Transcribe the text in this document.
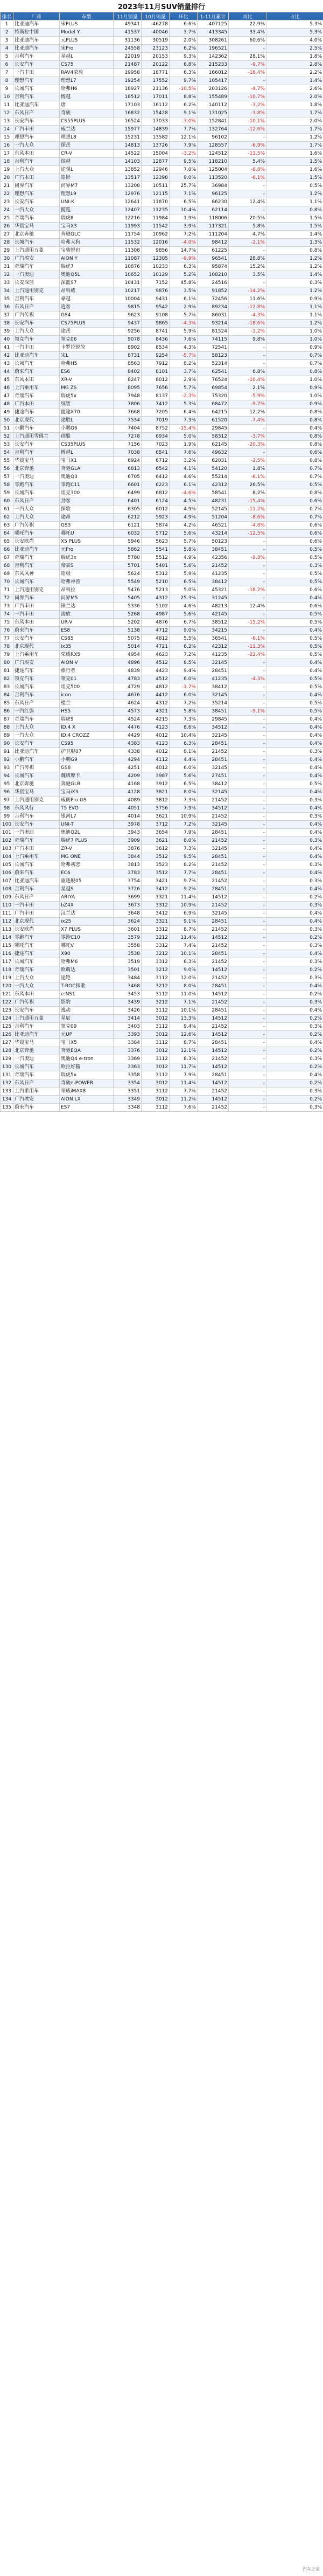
2023年11月SUV销量排行
排名	厂商	车型	11月销量	10月销量	环比	1-11月累计	同比	占比
1	比亚迪汽车	宋PLUS	49341	46278	6.6%	407125	22.9%	5.3%
2	特斯拉中国	Model Y	41537	40046	3.7%	413345	33.4%	5.3%
3	比亚迪汽车	元PLUS	31136	30519	2.0%	308261	60.6%	4.0%
4	比亚迪汽车	宋Pro	24558	23123	6.2%	196521	-	2.5%
5	吉利汽车	星越L	22019	20153	9.3%	142362	28.1%	1.8%
6	长安汽车	CS75	21487	20122	6.8%	215233	-9.7%	2.8%
7	一汽丰田	RAV4荣放	19958	18771	6.3%	166012	-18.4%	2.2%
8	理想汽车	理想L7	19254	17552	9.7%	105417	-	1.4%
9	长城汽车	哈弗H6	18927	21136	-10.5%	203126	-4.7%	2.6%
10	吉利汽车	博越	18512	17011	8.8%	155489	-10.7%	2.0%
11	比亚迪汽车	唐	17103	16112	6.2%	140112	-3.2%	1.8%
12	东风日产	奇骏	16832	15428	9.1%	131025	-3.8%	1.7%
13	长安汽车	CS55PLUS	16524	17033	-3.0%	152841	-10.1%	2.0%
14	广汽丰田	威兰达	15977	14839	7.7%	132764	-12.6%	1.7%
15	理想汽车	理想L8	15231	13582	12.1%	96102	-	1.2%
16	一汽大众	探岳	14813	13726	7.9%	128557	-6.9%	1.7%
17	东风本田	CR-V	14522	15004	-3.2%	124512	-11.5%	1.6%
18	吉利汽车	缤越	14103	12877	9.5%	118210	5.4%	1.5%
19	上汽大众	途观L	13852	12946	7.0%	125004	-8.8%	1.6%
20	广汽本田	皓影	13517	12398	9.0%	113520	-6.1%	1.5%
21	问界汽车	问界M7	13208	10511	25.7%	36984	-	0.5%
22	理想汽车	理想L9	12976	12115	7.1%	96125	-	1.2%
23	长安汽车	UNI-K	12641	11870	6.5%	86230	12.4%	1.1%
24	一汽大众	揽巡	12407	11235	10.4%	62114	-	0.8%
25	奇瑞汽车	瑞虎8	12216	11984	1.9%	118006	20.5%	1.5%
26	华晨宝马	宝马X3	11993	11542	3.9%	117321	5.8%	1.5%
27	北京奔驰	奔驰GLC	11754	10962	7.2%	111204	4.7%	1.4%
28	长城汽车	哈弗大狗	11532	12016	-4.0%	98412	-2.1%	1.3%
29	上汽通用五菱	宝骏悦也	11308	9856	14.7%	61225	-	0.8%
30	广汽埃安	AION Y	11087	12305	-9.9%	96541	28.8%	1.2%
31	奇瑞汽车	瑞虎7	10876	10233	6.3%	95874	15.2%	1.2%
32	一汽奥迪	奥迪Q5L	10652	10129	5.2%	108210	3.5%	1.4%
33	长安深蓝	深蓝S7	10431	7152	45.8%	24516	-	0.3%
34	上汽通用别克	昂科威	10217	9876	3.5%	91852	-14.2%	1.2%
35	吉利汽车	豪越	10004	9431	6.1%	72456	11.6%	0.9%
36	东风日产	逍客	9815	9542	2.9%	89234	-12.8%	1.1%
37	广汽传祺	GS4	9623	9108	5.7%	86031	-4.3%	1.1%
38	长安汽车	CS75PLUS	9437	9865	-4.3%	93214	-18.6%	1.2%
39	上汽大众	途岳	9256	8741	5.9%	81524	-1.2%	1.0%
40	领克汽车	领克06	9078	8436	7.6%	74115	9.8%	1.0%
41	一汽丰田	卡罗拉锐放	8902	8534	4.3%	72541	-	0.9%
42	比亚迪汽车	宋L	8731	9254	-5.7%	58123	-	0.7%
43	长城汽车	哈弗H5	8563	7912	8.2%	52314	-	0.7%
44	蔚来汽车	ES6	8402	8101	3.7%	62541	6.8%	0.8%
45	东风本田	XR-V	8247	8012	2.9%	76524	-10.4%	1.0%
46	上汽乘用车	MG ZS	8095	7656	5.7%	69854	2.1%	0.9%
47	奇瑞汽车	瑞虎5x	7948	8137	-2.3%	75320	-5.9%	1.0%
48	广汽本田	缤智	7806	7412	5.3%	68472	-9.7%	0.9%
49	捷途汽车	捷途X70	7668	7205	6.4%	64215	12.2%	0.8%
50	北京现代	途胜L	7534	7019	7.3%	61520	-7.4%	0.8%
51	小鹏汽车	小鹏G6	7404	8752	-15.4%	29845	-	0.4%
52	上汽通用雪佛兰	创酷	7278	6934	5.0%	58312	-3.7%	0.8%
53	长安汽车	CS35PLUS	7156	7023	1.9%	62145	-20.3%	0.8%
54	吉利汽车	博越L	7038	6541	7.6%	49632	-	0.6%
55	华晨宝马	宝马X1	6924	6712	3.2%	62031	-2.5%	0.8%
56	北京奔驰	奔驰GLA	6813	6542	4.1%	54120	1.8%	0.7%
57	一汽奥迪	奥迪Q3	6705	6412	4.6%	55214	-6.1%	0.7%
58	零跑汽车	零跑C11	6601	6223	6.1%	42312	26.5%	0.5%
59	长城汽车	坦克300	6499	6812	-4.6%	58541	8.2%	0.8%
60	东风日产	劲客	6401	6124	4.5%	48231	-15.4%	0.6%
61	一汽大众	探歌	6305	6012	4.9%	52145	-11.2%	0.7%
62	上汽大众	途昂	6212	5923	4.9%	51204	-8.6%	0.7%
63	广汽传祺	GS3	6121	5874	4.2%	46521	-4.8%	0.6%
64	哪吒汽车	哪吒U	6032	5712	5.6%	43214	-12.5%	0.6%
65	长安欧尚	X5 PLUS	5946	5623	5.7%	50123	-	0.6%
66	比亚迪汽车	元Pro	5862	5541	5.8%	38451	-	0.5%
67	奇瑞汽车	瑞虎3x	5780	5512	4.9%	42356	-9.8%	0.5%
68	吉利汽车	帝豪S	5701	5401	5.6%	21452	-	0.3%
69	东风风神	皓极	5624	5312	5.9%	41235	-	0.5%
70	长城汽车	哈弗神兽	5549	5210	6.5%	38412	-	0.5%
71	上汽通用别克	昂科拉	5476	5213	5.0%	45321	-18.2%	0.6%
72	问界汽车	问界M5	5405	4312	25.3%	31245	-	0.4%
73	广汽丰田	锋兰达	5336	5102	4.6%	48213	12.4%	0.6%
74	一汽丰田	凌放	5268	4987	5.6%	42145	-	0.5%
75	东风本田	UR-V	5202	4876	6.7%	38512	-15.2%	0.5%
76	蔚来汽车	ES8	5138	4712	9.0%	34215	-	0.4%
77	长安汽车	CS85	5075	4812	5.5%	36541	-6.1%	0.5%
78	北京现代	ix35	5014	4721	6.2%	42312	-11.3%	0.5%
79	上汽乘用车	荣威RX5	4954	4623	7.2%	41235	-22.4%	0.5%
80	广汽埃安	AION V	4896	4512	8.5%	32145	-	0.4%
81	捷途汽车	旅行者	4839	4423	9.4%	28451	-	0.4%
82	领克汽车	领克01	4783	4512	6.0%	41235	-4.3%	0.5%
83	长城汽车	坦克500	4729	4812	-1.7%	38412	-	0.5%
84	吉利汽车	icon	4676	4412	6.0%	32145	-	0.4%
85	东风日产	楼兰	4624	4312	7.2%	35214	-	0.5%
86	一汽红旗	HS5	4573	4321	5.8%	38451	-9.1%	0.5%
87	奇瑞汽车	瑞虎9	4524	4215	7.3%	29845	-	0.4%
88	上汽大众	ID.4 X	4476	4123	8.6%	34512	-	0.4%
89	一汽大众	ID.4 CROZZ	4429	4012	10.4%	32145	-	0.4%
90	长安汽车	CS95	4383	4123	6.3%	28451	-	0.4%
91	比亚迪汽车	护卫舰07	4338	4012	8.1%	21452	-	0.3%
92	小鹏汽车	小鹏G9	4294	4112	4.4%	28451	-	0.4%
93	广汽传祺	GS8	4251	4012	6.0%	32145	-	0.4%
94	长城汽车	魏牌摩卡	4209	3987	5.6%	27451	-	0.4%
95	北京奔驰	奔驰GLB	4168	3912	6.5%	38412	-	0.5%
96	华晨宝马	宝马iX3	4128	3821	8.0%	32145	-	0.4%
97	上汽通用别克	威朗Pro GS	4089	3812	7.3%	21452	-	0.3%
98	东风风行	T5 EVO	4051	3756	7.9%	34512	-	0.4%
99	吉利汽车	银河L7	4014	3621	10.9%	21452	-	0.3%
100	长安汽车	UNI-T	3978	3712	7.2%	32145	-	0.4%
101	一汽奥迪	奥迪Q2L	3943	3654	7.9%	28451	-	0.4%
102	奇瑞汽车	瑞虎7 PLUS	3909	3621	8.0%	21452	-	0.3%
103	广汽本田	ZR-V	3876	3612	7.3%	32145	-	0.4%
104	上汽乘用车	MG ONE	3844	3512	9.5%	28451	-	0.4%
105	长城汽车	哈弗初恋	3813	3523	8.2%	21452	-	0.3%
106	蔚来汽车	EC6	3783	3512	7.7%	28451	-	0.4%
107	比亚迪汽车	驱逐舰05	3754	3421	9.7%	21452	-	0.3%
108	吉利汽车	星越S	3726	3412	9.2%	28451	-	0.4%
109	东风日产	ARIYA	3699	3321	11.4%	14512	-	0.2%
110	一汽丰田	bZ4X	3673	3312	10.9%	21452	-	0.3%
111	广汽丰田	汉兰达	3648	3412	6.9%	32145	-	0.4%
112	北京现代	ix25	3624	3321	9.1%	28451	-	0.4%
113	长安欧尚	X7 PLUS	3601	3312	8.7%	21452	-	0.3%
114	零跑汽车	零跑C10	3579	3212	11.4%	14512	-	0.2%
115	哪吒汽车	哪吒V	3558	3312	7.4%	21452	-	0.3%
116	捷途汽车	X90	3538	3212	10.1%	28451	-	0.4%
117	长城汽车	哈弗M6	3519	3312	6.3%	21452	-	0.3%
118	奇瑞汽车	欧萌达	3501	3212	9.0%	14512	-	0.2%
119	上汽大众	途铠	3484	3112	12.0%	21452	-	0.3%
120	一汽大众	T-ROC探歌	3468	3212	8.0%	28451	-	0.4%
121	东风本田	e:NS1	3453	3112	11.0%	14512	-	0.2%
122	广汽传祺	影豹	3439	3212	7.1%	21452	-	0.3%
123	长安汽车	逸动	3426	3112	10.1%	28451	-	0.4%
124	上汽通用五菱	星辰	3414	3012	13.3%	14512	-	0.2%
125	吉利汽车	领克09	3403	3112	9.4%	21452	-	0.3%
126	比亚迪汽车	元UP	3393	3012	12.6%	14512	-	0.2%
127	华晨宝马	宝马X5	3384	3112	8.7%	28451	-	0.4%
128	北京奔驰	奔驰EQA	3376	3012	12.1%	14512	-	0.2%
129	一汽奥迪	奥迪Q4 e-tron	3369	3112	8.3%	21452	-	0.3%
130	长城汽车	欧拉好猫	3363	3012	11.7%	14512	-	0.2%
131	奇瑞汽车	瑞虎5x	3358	3112	7.9%	28451	-	0.4%
132	东风日产	奇骏e-POWER	3354	3012	11.4%	14512	-	0.2%
133	上汽乘用车	荣威iMAX8	3351	3112	7.7%	21452	-	0.3%
134	广汽埃安	AION LX	3349	3012	11.2%	14512	-	0.2%
135	蔚来汽车	ES7	3348	3112	7.6%	21452	-	0.3%
汽车之家
